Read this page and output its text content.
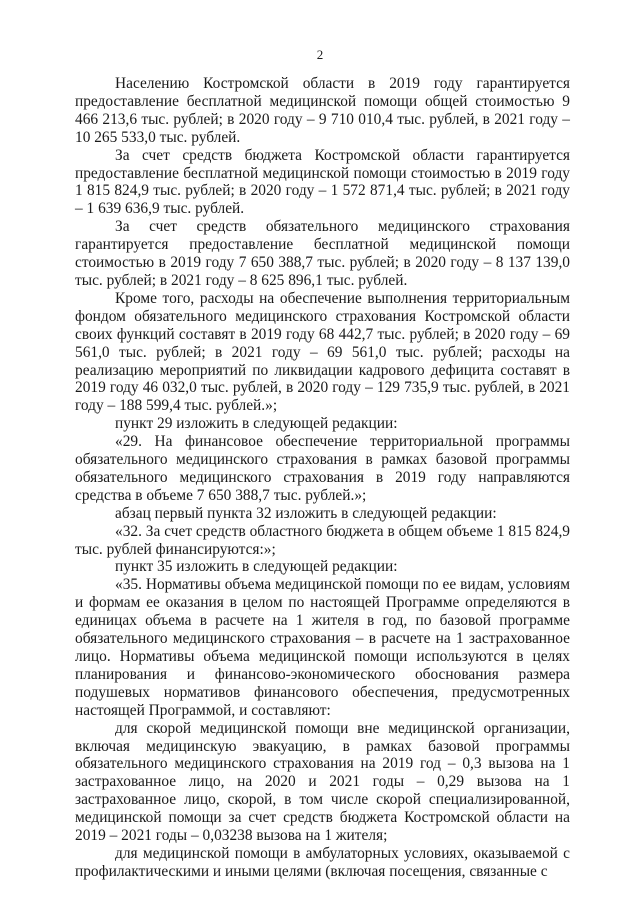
2

Населению Костромской области в 2019 году гарантируется предоставление бесплатной медицинской помощи общей стоимостью 9 466 213,6 тыс. рублей; в 2020 году – 9 710 010,4 тыс. рублей, в 2021 году – 10 265 533,0 тыс. рублей.

За счет средств бюджета Костромской области гарантируется предоставление бесплатной медицинской помощи стоимостью в 2019 году 1 815 824,9 тыс. рублей; в 2020 году – 1 572 871,4 тыс. рублей; в 2021 году – 1 639 636,9 тыс. рублей.

За счет средств обязательного медицинского страхования гарантируется предоставление бесплатной медицинской помощи стоимостью в 2019 году 7 650 388,7 тыс. рублей; в 2020 году – 8 137 139,0 тыс. рублей; в 2021 году – 8 625 896,1 тыс. рублей.

Кроме того, расходы на обеспечение выполнения территориальным фондом обязательного медицинского страхования Костромской области своих функций составят в 2019 году 68 442,7 тыс. рублей; в 2020 году – 69 561,0 тыс. рублей; в 2021 году – 69 561,0 тыс. рублей; расходы на реализацию мероприятий по ликвидации кадрового дефицита составят в 2019 году 46 032,0 тыс. рублей, в 2020 году – 129 735,9 тыс. рублей, в 2021 году – 188 599,4 тыс. рублей.»;

пункт 29 изложить в следующей редакции:

«29. На финансовое обеспечение территориальной программы обязательного медицинского страхования в рамках базовой программы обязательного медицинского страхования в 2019 году направляются средства в объеме 7 650 388,7 тыс. рублей.»;

абзац первый пункта 32 изложить в следующей редакции:

«32. За счет средств областного бюджета в общем объеме 1 815 824,9 тыс. рублей финансируются:»;

пункт 35 изложить в следующей редакции:

«35. Нормативы объема медицинской помощи по ее видам, условиям и формам ее оказания в целом по настоящей Программе определяются в единицах объема в расчете на 1 жителя в год, по базовой программе обязательного медицинского страхования – в расчете на 1 застрахованное лицо. Нормативы объема медицинской помощи используются в целях планирования и финансово-экономического обоснования размера подушевых нормативов финансового обеспечения, предусмотренных настоящей Программой, и составляют:

для скорой медицинской помощи вне медицинской организации, включая медицинскую эвакуацию, в рамках базовой программы обязательного медицинского страхования на 2019 год – 0,3 вызова на 1 застрахованное лицо, на 2020 и 2021 годы – 0,29 вызова на 1 застрахованное лицо, скорой, в том числе скорой специализированной, медицинской помощи за счет средств бюджета Костромской области на 2019 – 2021 годы – 0,03238 вызова на 1 жителя;

для медицинской помощи в амбулаторных условиях, оказываемой с профилактическими и иными целями (включая посещения, связанные с
